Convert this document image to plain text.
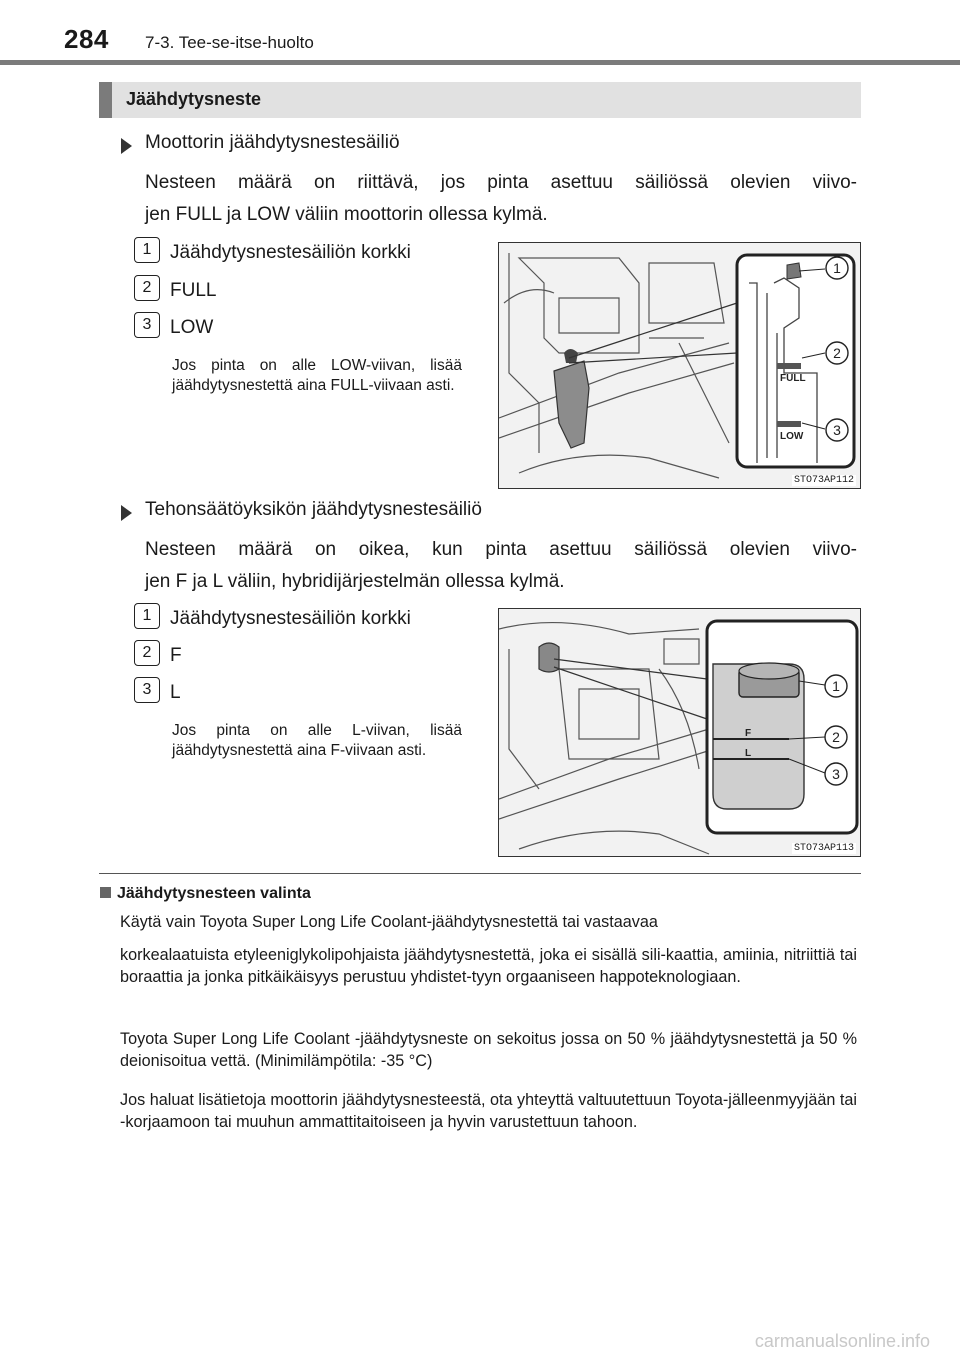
284 7-3. Tee-se-itse-huolto
Jäähdytysneste
Moottorin jäähdytysnestesäiliö
Nesteen määrä on riittävä, jos pinta asettuu säiliössä olevien viivo-
jen FULL ja LOW väliin moottorin ollessa kylmä.
1 Jäähdytysnestesäiliön korkki
2 FULL
3 LOW
Jos pinta on alle LOW-viivan, lisää jäähdytysnestettä aina FULL-viivaan asti.	FULL
LOW
1
2
3
STO73AP112
Tehonsäätöyksikön jäähdytysnestesäiliö
Nesteen määrä on oikea, kun pinta asettuu säiliössä olevien viivo-
jen F ja L väliin, hybridijärjestelmän ollessa kylmä.
1 Jäähdytysnestesäiliön korkki
2 F
3 L
Jos pinta on alle L-viivan, lisää jäähdytysnestettä aina F-viivaan asti.
F
L
1
2
3
STO73AP113
Jäähdytysnesteen valinta
Käytä vain Toyota Super Long Life Coolant-jäähdytysnestettä tai vastaavaa
korkealaatuista etyleeniglykolipohjaista jäähdytysnestettä, joka ei sisällä sili-kaattia, amiinia, nitriittiä tai boraattia ja jonka pitkäikäisyys perustuu yhdistet-tyyn orgaaniseen happoteknologiaan.
Toyota Super Long Life Coolant -jäähdytysneste on sekoitus jossa on 50 % jäähdytysnestettä ja 50 % deionisoitua vettä. (Minimilämpötila: -35 °C)
Jos haluat lisätietoja moottorin jäähdytysnesteestä, ota yhteyttä valtuutettuun Toyota-jälleenmyyjään tai -korjaamoon tai muuhun ammattitaitoiseen ja hyvin varustettuun tahoon.
carmanualsonline.info
